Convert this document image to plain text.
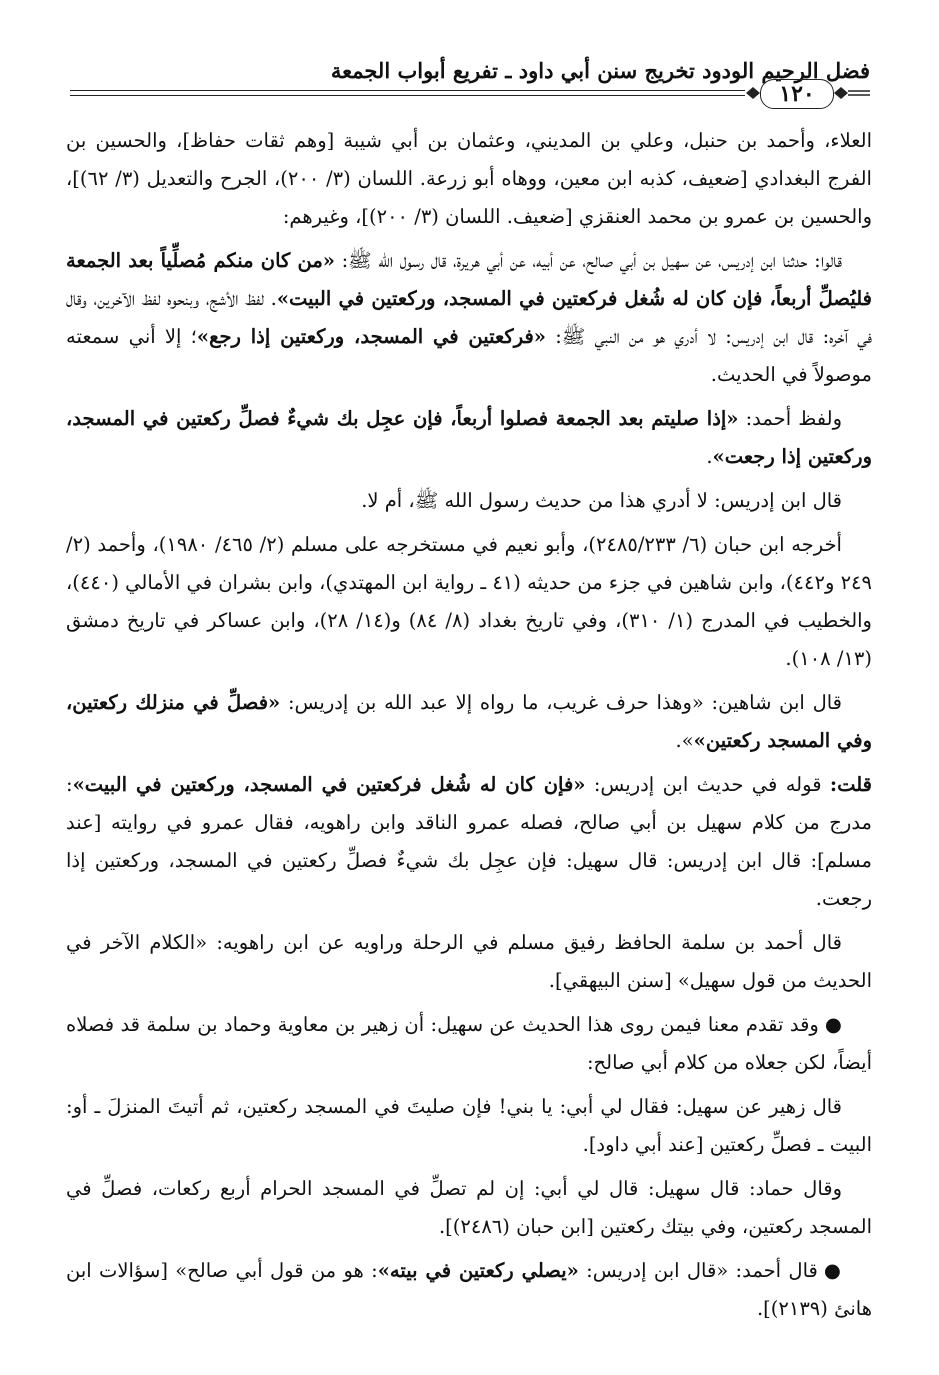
فضل الرحيم الودود تخريج سنن أبي داود ـ تفريع أبواب الجمعة
١٢٠

العلاء، وأحمد بن حنبل، وعلي بن المديني، وعثمان بن أبي شيبة [وهم ثقات حفاظ]، والحسين بن الفرج البغدادي [ضعيف، كذبه ابن معين، ووهاه أبو زرعة. اللسان (٣/ ٢٠٠)، الجرح والتعديل (٣/ ٦٢)]، والحسين بن عمرو بن محمد العنقزي [ضعيف. اللسان (٣/ ٢٠٠)]، وغيرهم:

قالوا: حدثنا ابن إدريس، عن سهيل بن أبي صالح، عن أبيه، عن أبي هريرة، قال رسول الله ﷺ: «من كان منكم مُصلِّياً بعد الجمعة فليُصلِّ أربعاً، فإن كان له شُغل فركعتين في المسجد، وركعتين في البيت». لفظ الأشج، وبنحوه لفظ الآخرين، وقال في آخره: قال ابن إدريس: لا أدري هو من النبي ﷺ: «فركعتين في المسجد، وركعتين إذا رجع»؛ إلا أني سمعته موصولاً في الحديث.

ولفظ أحمد: «إذا صليتم بعد الجمعة فصلوا أربعاً، فإن عجِل بك شيءٌ فصلِّ ركعتين في المسجد، وركعتين إذا رجعت».

قال ابن إدريس: لا أدري هذا من حديث رسول الله ﷺ، أم لا.

أخرجه ابن حبان (٦/ ٢٤٨٥/٢٣٣)، وأبو نعيم في مستخرجه على مسلم (٢/ ٤٦٥/ ١٩٨٠)، وأحمد (٢/ ٢٤٩ و٤٤٢)، وابن شاهين في جزء من حديثه (٤١ ـ رواية ابن المهتدي)، وابن بشران في الأمالي (٤٤٠)، والخطيب في المدرج (١/ ٣١٠)، وفي تاريخ بغداد (٨/ ٨٤) و(١٤/ ٢٨)، وابن عساكر في تاريخ دمشق (١٣/ ١٠٨).

قال ابن شاهين: «وهذا حرف غريب، ما رواه إلا عبد الله بن إدريس: «فصلِّ في منزلك ركعتين، وفي المسجد ركعتين»».

قلت: قوله في حديث ابن إدريس: «فإن كان له شُغل فركعتين في المسجد، وركعتين في البيت»: مدرج من كلام سهيل بن أبي صالح، فصله عمرو الناقد وابن راهويه، فقال عمرو في روايته [عند مسلم]: قال ابن إدريس: قال سهيل: فإن عجِل بك شيءٌ فصلِّ ركعتين في المسجد، وركعتين إذا رجعت.

قال أحمد بن سلمة الحافظ رفيق مسلم في الرحلة وراويه عن ابن راهويه: «الكلام الآخر في الحديث من قول سهيل» [سنن البيهقي].

●وقد تقدم معنا فيمن روى هذا الحديث عن سهيل: أن زهير بن معاوية وحماد بن سلمة قد فصلاه أيضاً، لكن جعلاه من كلام أبي صالح:

قال زهير عن سهيل: فقال لي أبي: يا بني! فإن صليتَ في المسجد ركعتين، ثم أتيتَ المنزلَ ـ أو: البيت ـ فصلِّ ركعتين [عند أبي داود].

وقال حماد: قال سهيل: قال لي أبي: إن لم تصلِّ في المسجد الحرام أربع ركعات، فصلِّ في المسجد ركعتين، وفي بيتك ركعتين [ابن حبان (٢٤٨٦)].

●قال أحمد: «قال ابن إدريس: «يصلي ركعتين في بيته»: هو من قول أبي صالح» [سؤالات ابن هانئ (٢١٣٩)].
